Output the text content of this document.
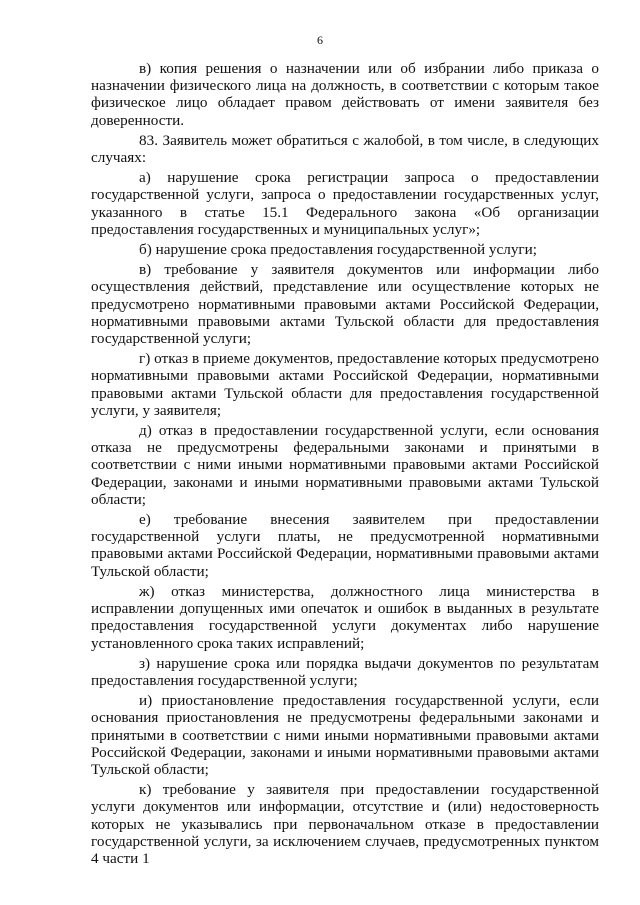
6

в) копия решения о назначении или об избрании либо приказа о назначении физического лица на должность, в соответствии с которым такое физическое лицо обладает правом действовать от имени заявителя без доверенности.

83. Заявитель может обратиться с жалобой, в том числе, в следующих случаях:

а) нарушение срока регистрации запроса о предоставлении государственной услуги, запроса о предоставлении государственных услуг, указанного в статье 15.1 Федерального закона «Об организации предоставления государственных и муниципальных услуг»;

б) нарушение срока предоставления государственной услуги;

в) требование у заявителя документов или информации либо осуществления действий, представление или осуществление которых не предусмотрено нормативными правовыми актами Российской Федерации, нормативными правовыми актами Тульской области для предоставления государственной услуги;

г) отказ в приеме документов, предоставление которых предусмотрено нормативными правовыми актами Российской Федерации, нормативными правовыми актами Тульской области для предоставления государственной услуги, у заявителя;

д) отказ в предоставлении государственной услуги, если основания отказа не предусмотрены федеральными законами и принятыми в соответствии с ними иными нормативными правовыми актами Российской Федерации, законами и иными нормативными правовыми актами Тульской области;

е) требование внесения заявителем при предоставлении государственной услуги платы, не предусмотренной нормативными правовыми актами Российской Федерации, нормативными правовыми актами Тульской области;

ж) отказ министерства, должностного лица министерства в исправлении допущенных ими опечаток и ошибок в выданных в результате предоставления государственной услуги документах либо нарушение установленного срока таких исправлений;

з) нарушение срока или порядка выдачи документов по результатам предоставления государственной услуги;

и) приостановление предоставления государственной услуги, если основания приостановления не предусмотрены федеральными законами и принятыми в соответствии с ними иными нормативными правовыми актами Российской Федерации, законами и иными нормативными правовыми актами Тульской области;

к) требование у заявителя при предоставлении государственной услуги документов или информации, отсутствие и (или) недостоверность которых не указывались при первоначальном отказе в предоставлении государственной услуги, за исключением случаев, предусмотренных пунктом 4 части 1
